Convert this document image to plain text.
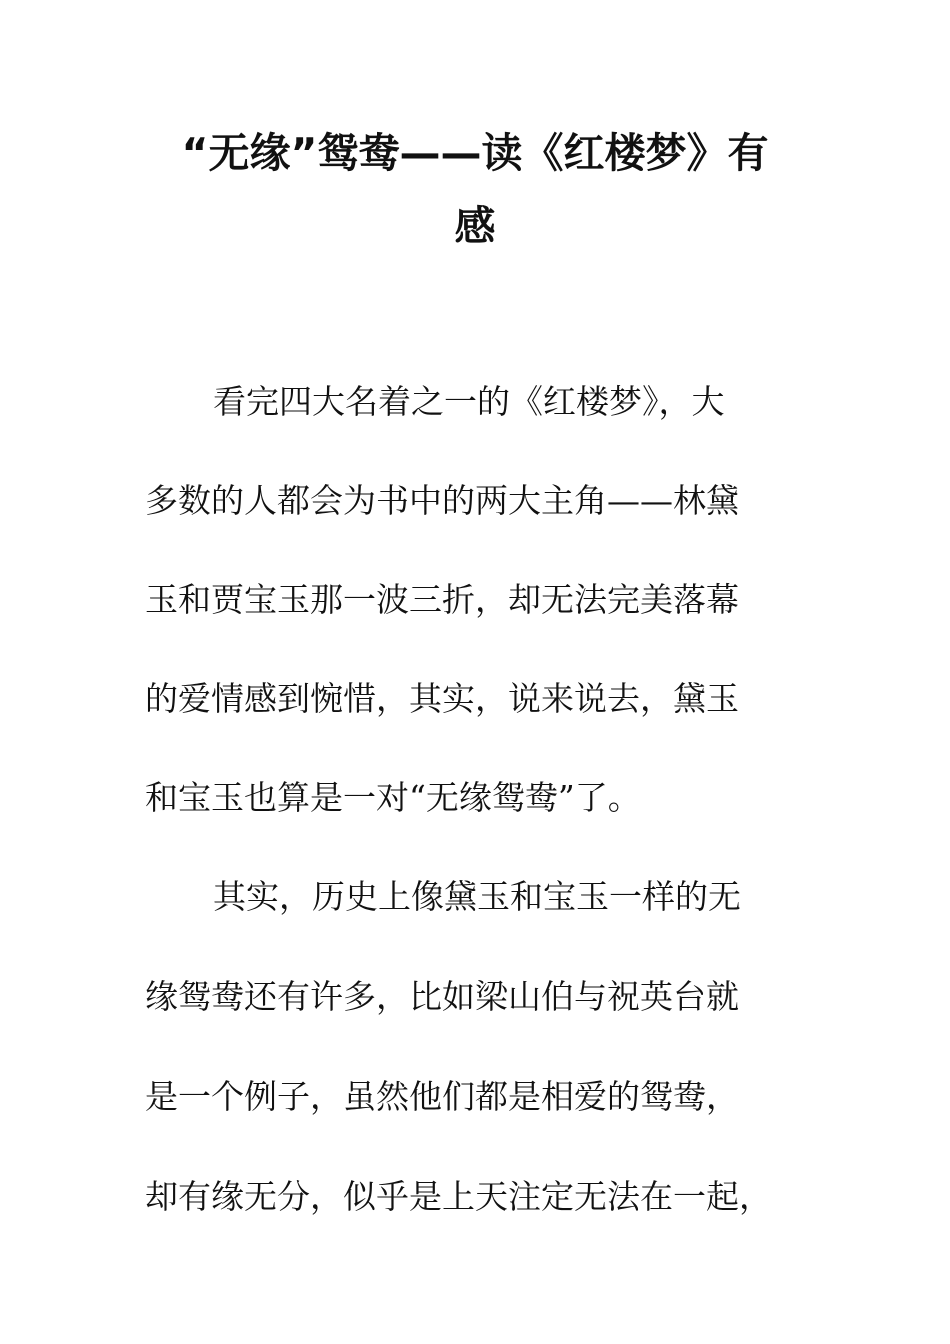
“无缘”鸳鸯——读《红楼梦》有
感

看完四大名着之一的《红楼梦》，大

多数的人都会为书中的两大主角——林黛

玉和贾宝玉那一波三折，却无法完美落幕

的爱情感到惋惜，其实，说来说去，黛玉

和宝玉也算是一对“无缘鸳鸯”了。

其实，历史上像黛玉和宝玉一样的无

缘鸳鸯还有许多，比如梁山伯与祝英台就

是一个例子，虽然他们都是相爱的鸳鸯，

却有缘无分，似乎是上天注定无法在一起，
